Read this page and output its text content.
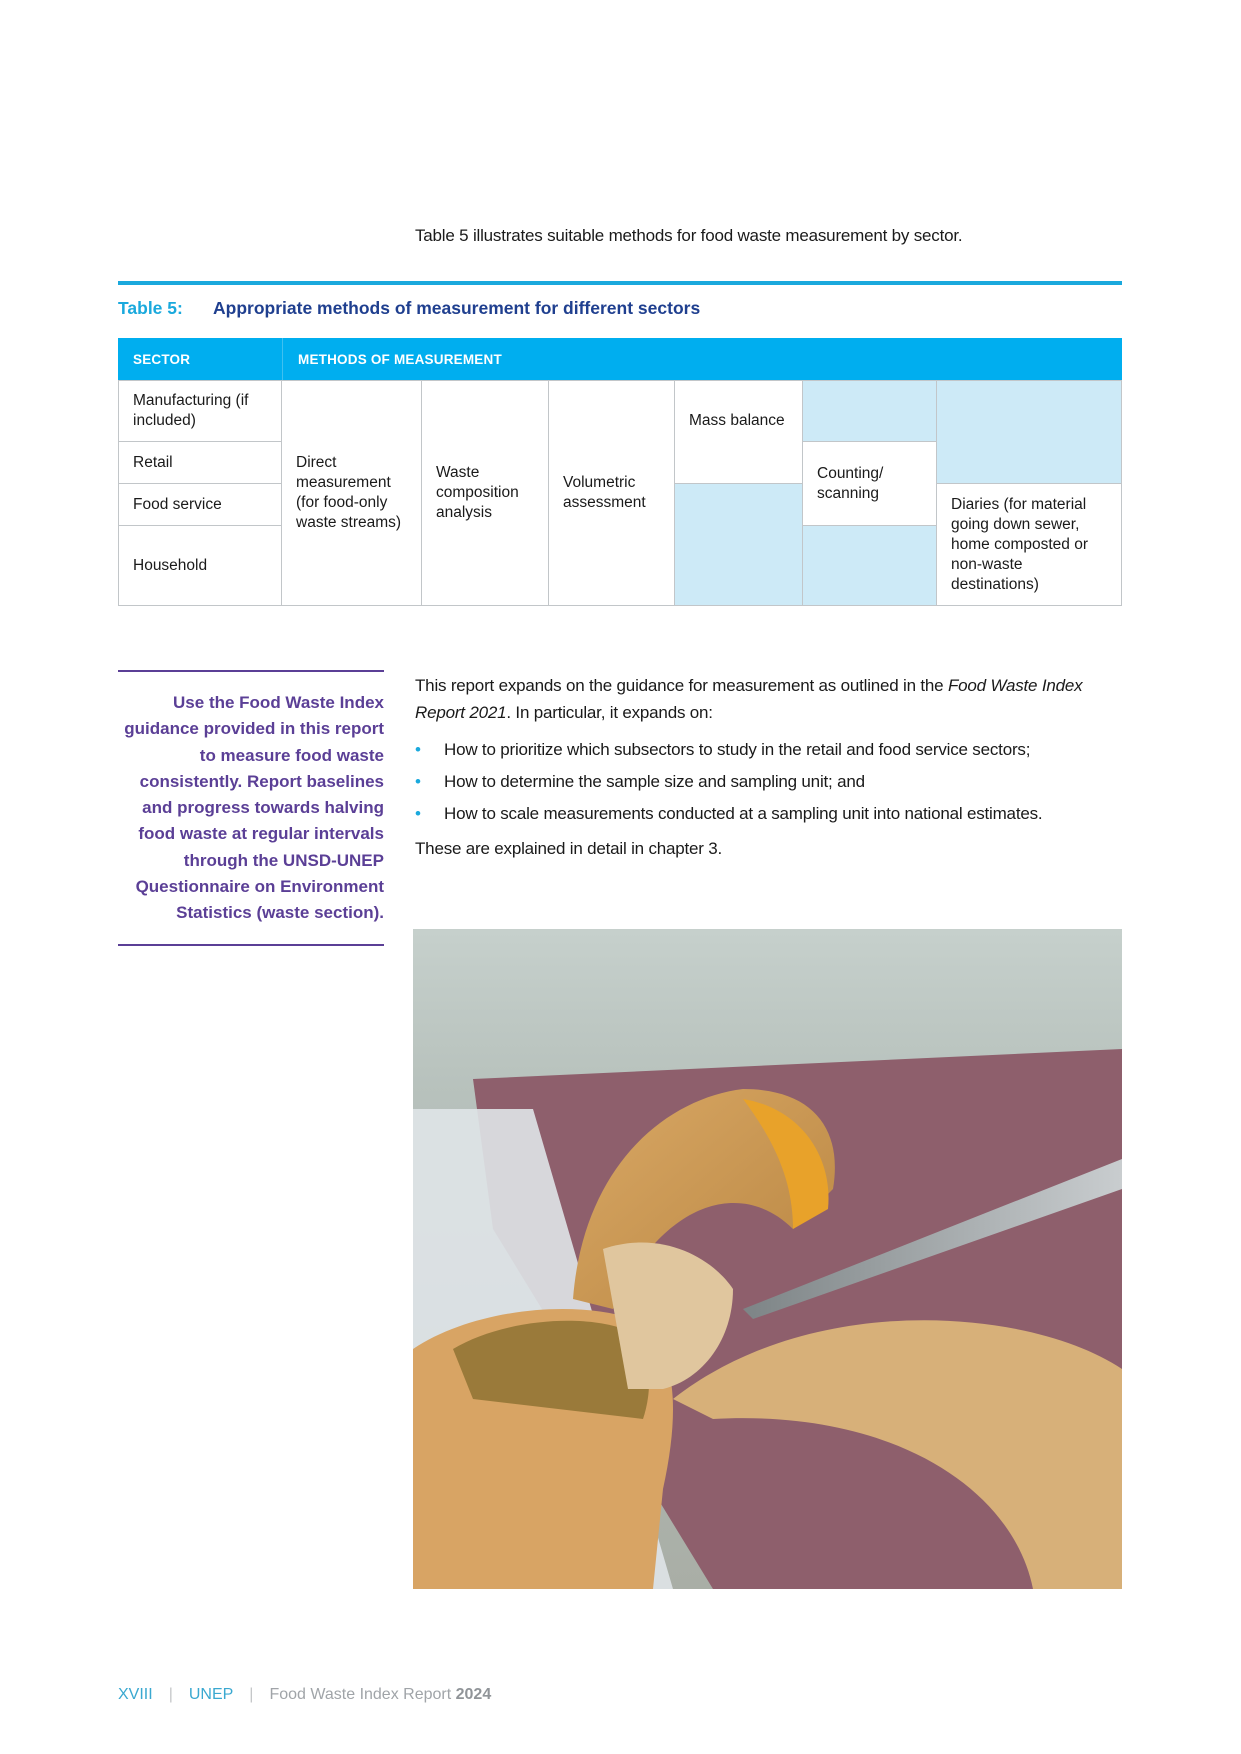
Table 5 illustrates suitable methods for food waste measurement by sector.
Table 5: Appropriate methods of measurement for different sectors
SECTOR	METHODS OF MEASUREMENT
Manufacturing (if included)
Retail
Food service
Household
Direct measurement (for food-only waste streams)
Waste composition analysis
Volumetric assessment
Mass balance
Counting/ scanning
Diaries (for material going down sewer, home composted or non-waste destinations)
Use the Food Waste Index guidance provided in this report to measure food waste consistently. Report baselines and progress towards halving food waste at regular intervals through the UNSD-UNEP Questionnaire on Environment Statistics (waste section).

This report expands on the guidance for measurement as outlined in the Food Waste Index Report 2021. In particular, it expands on:

• How to prioritize which subsectors to study in the retail and food service sectors;
• How to determine the sample size and sampling unit; and
• How to scale measurements conducted at a sampling unit into national estimates.

These are explained in detail in chapter 3.

XVIII | UNEP | Food Waste Index Report 2024
